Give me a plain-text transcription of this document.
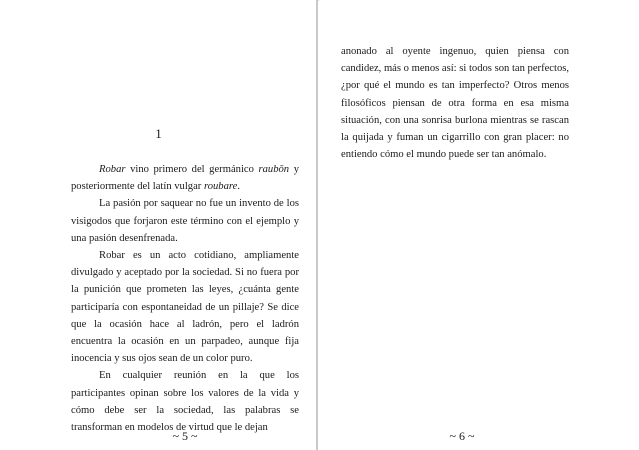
1

Robar vino primero del germánico raubōn y posteriormente del latín vulgar roubare.

La pasión por saquear no fue un invento de los visigodos que forjaron este término con el ejemplo y una pasión desenfrenada.

Robar es un acto cotidiano, ampliamente divulgado y aceptado por la sociedad. Si no fuera por la punición que prometen las leyes, ¿cuánta gente participaría con espontaneidad de un pillaje? Se dice que la ocasión hace al ladrón, pero el ladrón encuentra la ocasión en un parpadeo, aunque fija inocencia y sus ojos sean de un color puro.

En cualquier reunión en la que los participantes opinan sobre los valores de la vida y cómo debe ser la sociedad, las palabras se transforman en modelos de virtud que le dejan

~ 5 ~

anonado al oyente ingenuo, quien piensa con candidez, más o menos así: si todos son tan perfectos, ¿por qué el mundo es tan imperfecto? Otros menos filosóficos piensan de otra forma en esa misma situación, con una sonrisa burlona mientras se rascan la quijada y fuman un cigarrillo con gran placer: no entiendo cómo el mundo puede ser tan anómalo.

~ 6 ~
